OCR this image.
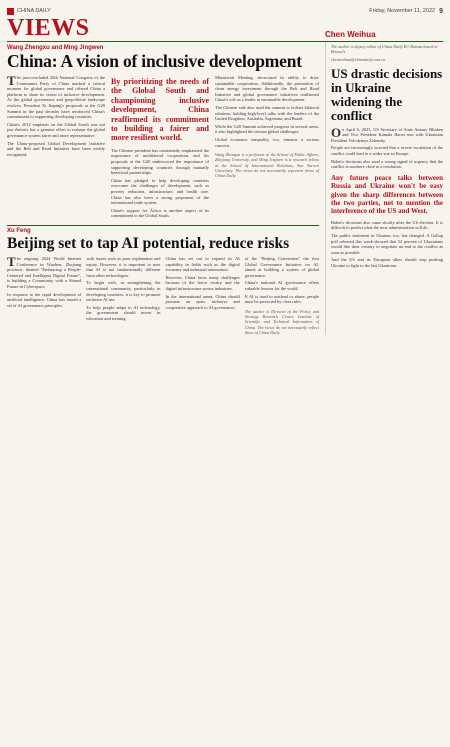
CHINA DAILY	Friday, November 11, 2022 9
VIEWS	Chen Weihua
Wang Zhengxu and Ming Jingwen
China: A vision of inclusive development

The just-concluded 20th National Congress of the Communist Party of China marked a critical moment for global governance and offered China a platform to share its vision of inclusive development. As the global governance and geopolitical landscape evolves, President Xi Jinping's proposals at the G20 Summit in the past decades have reinforced China's commitment to supporting developing countries.

China's 2012 emphasis on the Global South was not just rhetoric but a genuine effort to reshape the global governance system fairer and more representative.

The China-proposed Global Development Initiative and the Belt and Road Initiative have been widely recognized.

By prioritizing the needs of the Global South and championing inclusive development, China reaffirmed its commitment to building a fairer and more resilient world.

The Chinese president has consistently emphasized the importance of multilateral cooperation, and his proposals at the G20 underscored the importance of supporting developing countries through mutually beneficial partnerships.

China has pledged to help developing countries overcome the challenges of development, such as poverty reduction, infrastructure, and health care. China has also been a strong proponent of the international trade system.

China's support for Africa is another aspect of its commitment to the Global South.

Ministerial Meeting, showcased its ability to drive sustainable cooperation. Additionally, the promotion of clean energy investment through the Belt and Road Initiative and global governance initiatives reaffirmed China's role as a leader in sustainable development.

The Chinese side also used the summit to bolster bilateral relations, holding high-level talks with the leaders of the United Kingdom, Australia, Argentina, and Brazil.

While the G20 Summit achieved progress in several areas, it also highlighted the serious global challenges.

Global economic inequality, too, remains a serious concern.

Wang Zhengxu is a professor at the School of Public Affairs, Zhejiang University, and Ming Jingwen is a research fellow at the School of International Relations, Sun Yat-sen University. The views do not necessarily represent those of China Daily.
Xu Feng
Beijing set to tap AI potential, reduce risks

The ongoing 2024 World Internet Conference in Wuzhen, Zhejiang province, themed "Embracing a People-Centered and Intelligent Digital Future", is building a Community with a Shared Future in Cyberspace.

In response to the rapid development of artificial intelligence, China has issued a set of AI governance principles.

with issues such as poor explanation and equity. However, it is important to note that AI is not fundamentally different from other technologies.

To begin with, in strengthening the international community, particularly in developing countries, it is key to promote inclusive AI use.

To help people adapt to AI technology, the government should invest in education and training.

China has set out to expand its AI capability in fields such as the digital economy and industrial automation.

However, China faces many challenges because of the fierce rivalry and the digital infrastructure across industries.

In the international arena, China should promote an open, inclusive and cooperative approach to AI governance.

of the "Beijing Convention" the first Global Governance Initiative on AI, aimed at building a system of global governance.

China's national AI governance offers valuable lessons for the world.

If AI is used to mislead or abuse, people must be protected by clear rules.

The author is Director of the Policy and Strategy Research Center, Institute of Scientific and Technical Information of China. The views do not necessarily reflect those of China Daily.
The author is deputy editor of China Daily EU Bureau based in Brussels.
chenweihua@chinadaily.com.cn
US drastic decisions in Ukraine widening the conflict

On April 6, 2023, US Secretary of State Antony Blinken and Vice President Kamala Harris met with Ukrainian President Volodymyr Zelensky.

People are increasingly worried that a severe escalation of the conflict could lead to a wider war in Europe.

Biden's decisions also send a wrong signal of urgency that the conflict is nowhere close to a resolution.

Any future peace talks between Russia and Ukraine won't be easy given the sharp differences between the two parties, not to mention the interference of the US and West.

Biden's decisions also came shortly after the US election. It is difficult to predict what the next administration will do.

The public sentiment in Ukraine, too, has changed. A Gallup poll released this week showed that 52 percent of Ukrainians would like their country to negotiate an end to the conflict as soon as possible.

And the US and its European allies should stop pushing Ukraine to fight to the last Ukrainian.
